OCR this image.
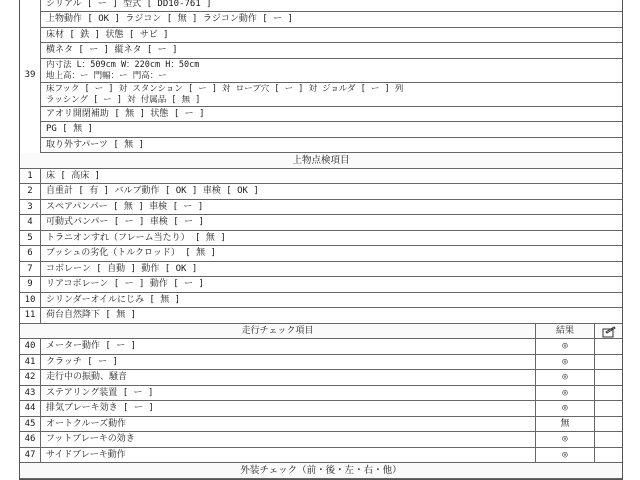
39
シリアル [ ー ] 型式 [ DD10-761 ]
上物動作 [ OK ] ラジコン [ 無 ] ラジコン動作 [ ー ]
床材 [ 鉄 ] 状態 [ サビ ]
横ネタ [ ー ] 縦ネタ [ ー ]
内寸法 L：509cm W：220cm H：50cm
地上高：ー 門幅：ー 門高：ー
床フック [ ー ] 対 スタンション [ ー ] 対 ロープ穴 [ ー ] 対 ジョルダ [ ー ] 列
ラッシング [ ー ] 対 付属品 [ 無 ]
アオリ開閉補助 [ 無 ] 状態 [ ー ]
PG [ 無 ]
取り外すパーツ [ 無 ]
上物点検項目
1	床 [ 高床 ]
2	自重計 [ 有 ] バルブ動作 [ OK ] 車検 [ OK ]
3	スペアパンパー [ 無 ] 車検 [ ー ]
4	可動式パンパー [ ー ] 車検 [ ー ]
5	トラニオンすれ（フレーム当たり） [ 無 ]
6	ブッシュの劣化（トルクロッド） [ 無 ]
7	コボレーン [ 自動 ] 動作 [ OK ]
9	リアコボレーン [ ー ] 動作 [ ー ]
10	シリンダーオイルにじみ [ 無 ]
11	荷台自然降下 [ 無 ]
走行チェック項目	結果
40	メーター動作 [ ー ]	◎
41	クラッチ [ ー ]	◎
42	走行中の振動、騒音	◎
43	ステアリング装置 [ ー ]	◎
44	排気ブレーキ効き [ ー ]	◎
45	オートクルーズ動作	無
46	フットブレーキの効き	◎
47	サイドブレーキ動作	◎
外装チェック（前・後・左・右・他）
